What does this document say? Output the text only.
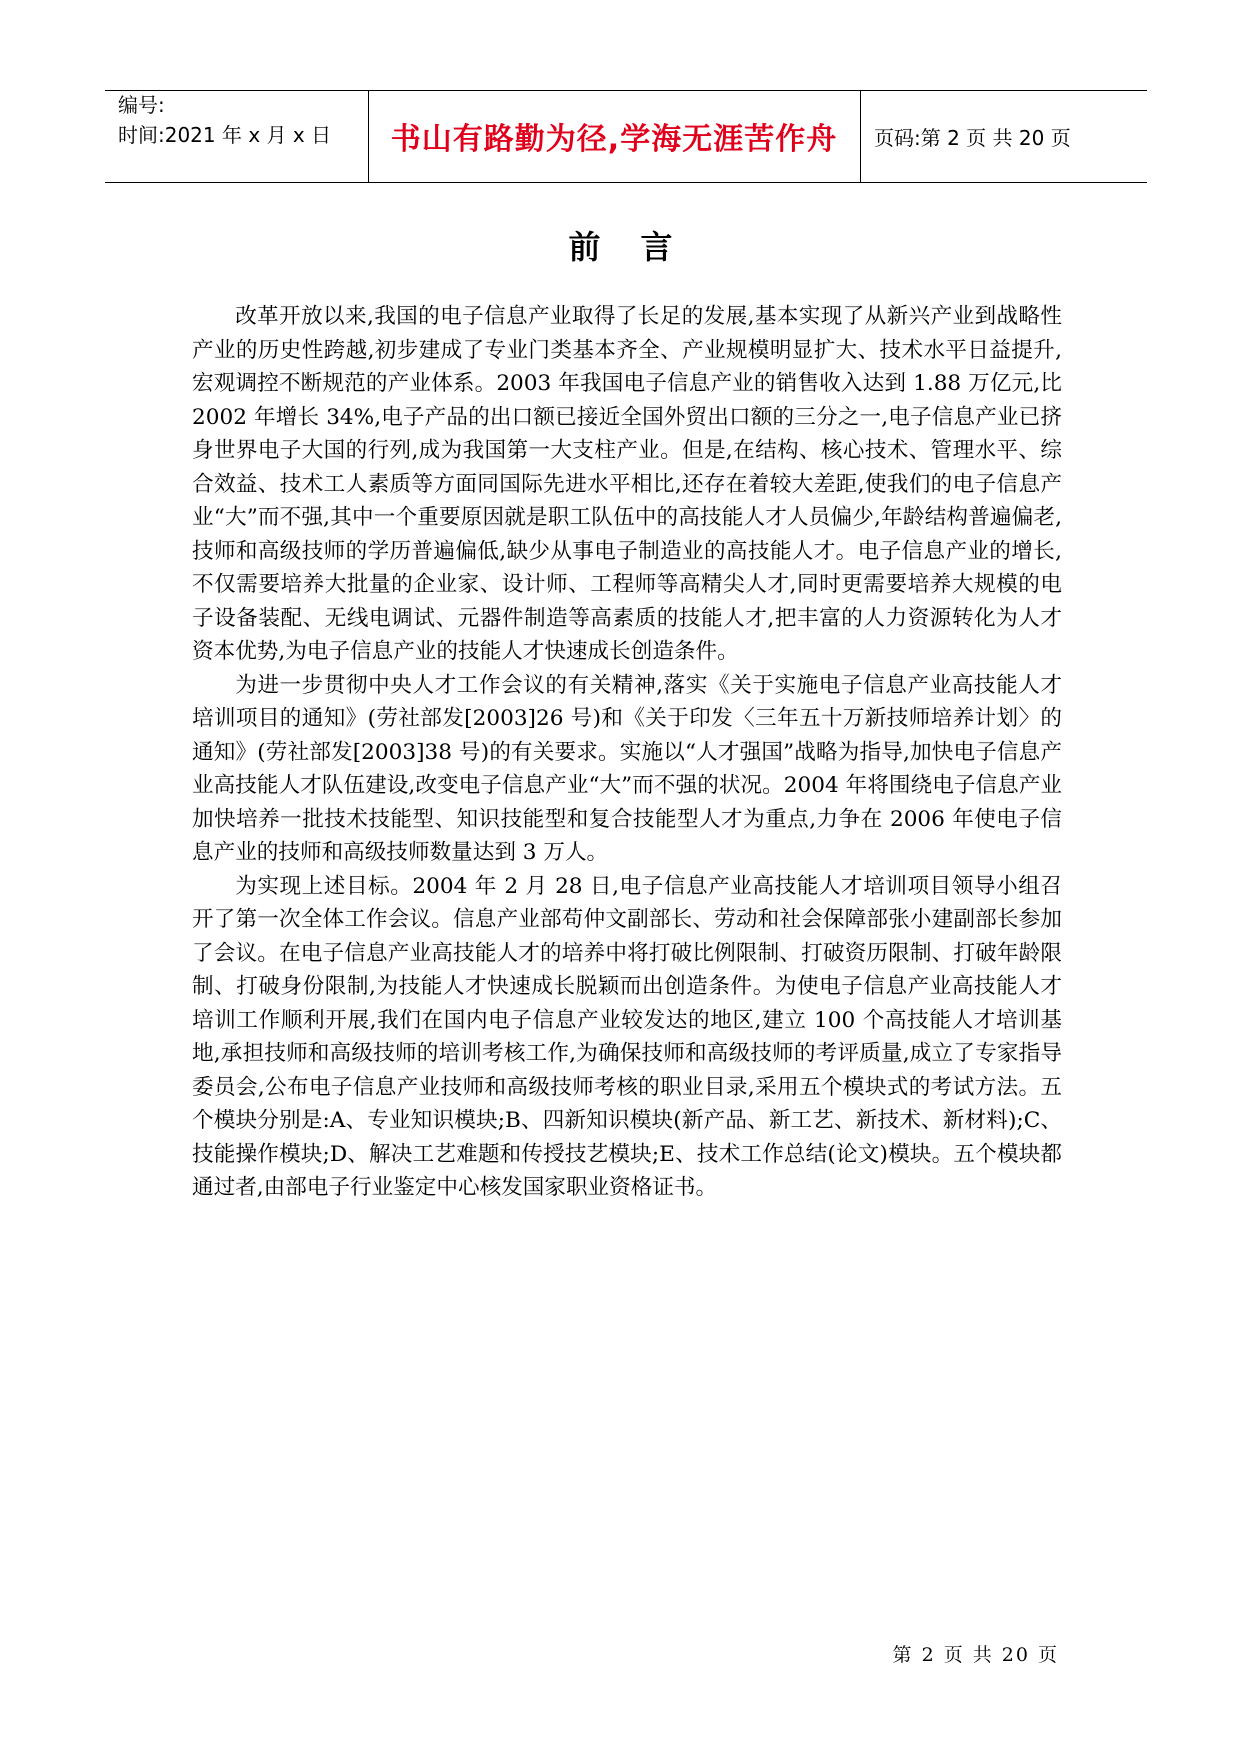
编号:
时间:2021 年 x 月 x 日	书山有路勤为径,学海无涯苦作舟	页码:第 2 页 共 20 页
前言

改革开放以来,我国的电子信息产业取得了长足的发展,基本实现了从新兴产业到战略性产业的历史性跨越,初步建成了专业门类基本齐全、产业规模明显扩大、技术水平日益提升,宏观调控不断规范的产业体系。2003 年我国电子信息产业的销售收入达到 1.88 万亿元,比 2002 年增长 34%,电子产品的出口额已接近全国外贸出口额的三分之一,电子信息产业已挤身世界电子大国的行列,成为我国第一大支柱产业。但是,在结构、核心技术、管理水平、综合效益、技术工人素质等方面同国际先进水平相比,还存在着较大差距,使我们的电子信息产业“大”而不强,其中一个重要原因就是职工队伍中的高技能人才人员偏少,年龄结构普遍偏老,技师和高级技师的学历普遍偏低,缺少从事电子制造业的高技能人才。电子信息产业的增长,不仅需要培养大批量的企业家、设计师、工程师等高精尖人才,同时更需要培养大规模的电子设备装配、无线电调试、元器件制造等高素质的技能人才,把丰富的人力资源转化为人才资本优势,为电子信息产业的技能人才快速成长创造条件。

为进一步贯彻中央人才工作会议的有关精神,落实《关于实施电子信息产业高技能人才培训项目的通知》(劳社部发[2003]26 号)和《关于印发〈三年五十万新技师培养计划〉的通知》(劳社部发[2003]38 号)的有关要求。实施以“人才强国”战略为指导,加快电子信息产业高技能人才队伍建设,改变电子信息产业“大”而不强的状况。2004 年将围绕电子信息产业加快培养一批技术技能型、知识技能型和复合技能型人才为重点,力争在 2006 年使电子信息产业的技师和高级技师数量达到 3 万人。

为实现上述目标。2004 年 2 月 28 日,电子信息产业高技能人才培训项目领导小组召开了第一次全体工作会议。信息产业部苟仲文副部长、劳动和社会保障部张小建副部长参加了会议。在电子信息产业高技能人才的培养中将打破比例限制、打破资历限制、打破年龄限制、打破身份限制,为技能人才快速成长脱颖而出创造条件。为使电子信息产业高技能人才培训工作顺利开展,我们在国内电子信息产业较发达的地区,建立 100 个高技能人才培训基地,承担技师和高级技师的培训考核工作,为确保技师和高级技师的考评质量,成立了专家指导委员会,公布电子信息产业技师和高级技师考核的职业目录,采用五个模块式的考试方法。五个模块分别是:A、专业知识模块;B、四新知识模块(新产品、新工艺、新技术、新材料);C、技能操作模块;D、解决工艺难题和传授技艺模块;E、技术工作总结(论文)模块。五个模块都通过者,由部电子行业鉴定中心核发国家职业资格证书。

第 2 页 共 20 页
